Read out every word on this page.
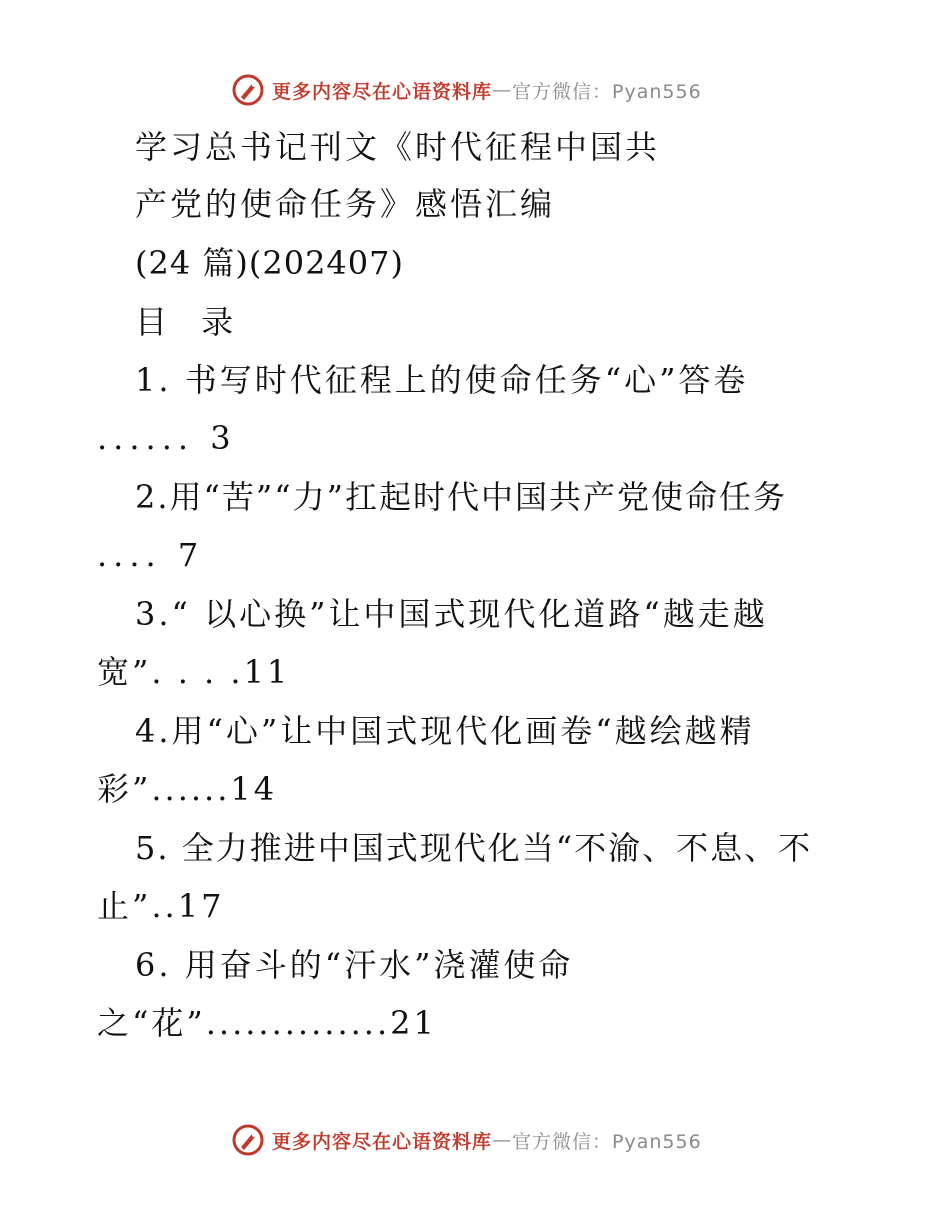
更多内容尽在心语资料库 — 官方微信：Pyan556
学习总书记刊文《时代征程中国共
产党的使命任务》感悟汇编
(24 篇)(202407)
目 录
1. 书写时代征程上的使命任务“心”答卷
...... 3
2.用“苦”“力”扛起时代中国共产党使命任务
.... 7
3.“ 以心换”让中国式现代化道路“越走越
宽”. . . .11
4.用“心”让中国式现代化画卷“越绘越精
彩”......14
5. 全力推进中国式现代化当“不渝、不息、不
止”..17
6. 用奋斗的“汗水”浇灌使命
之“花”..............21
更多内容尽在心语资料库 — 官方微信：Pyan556
